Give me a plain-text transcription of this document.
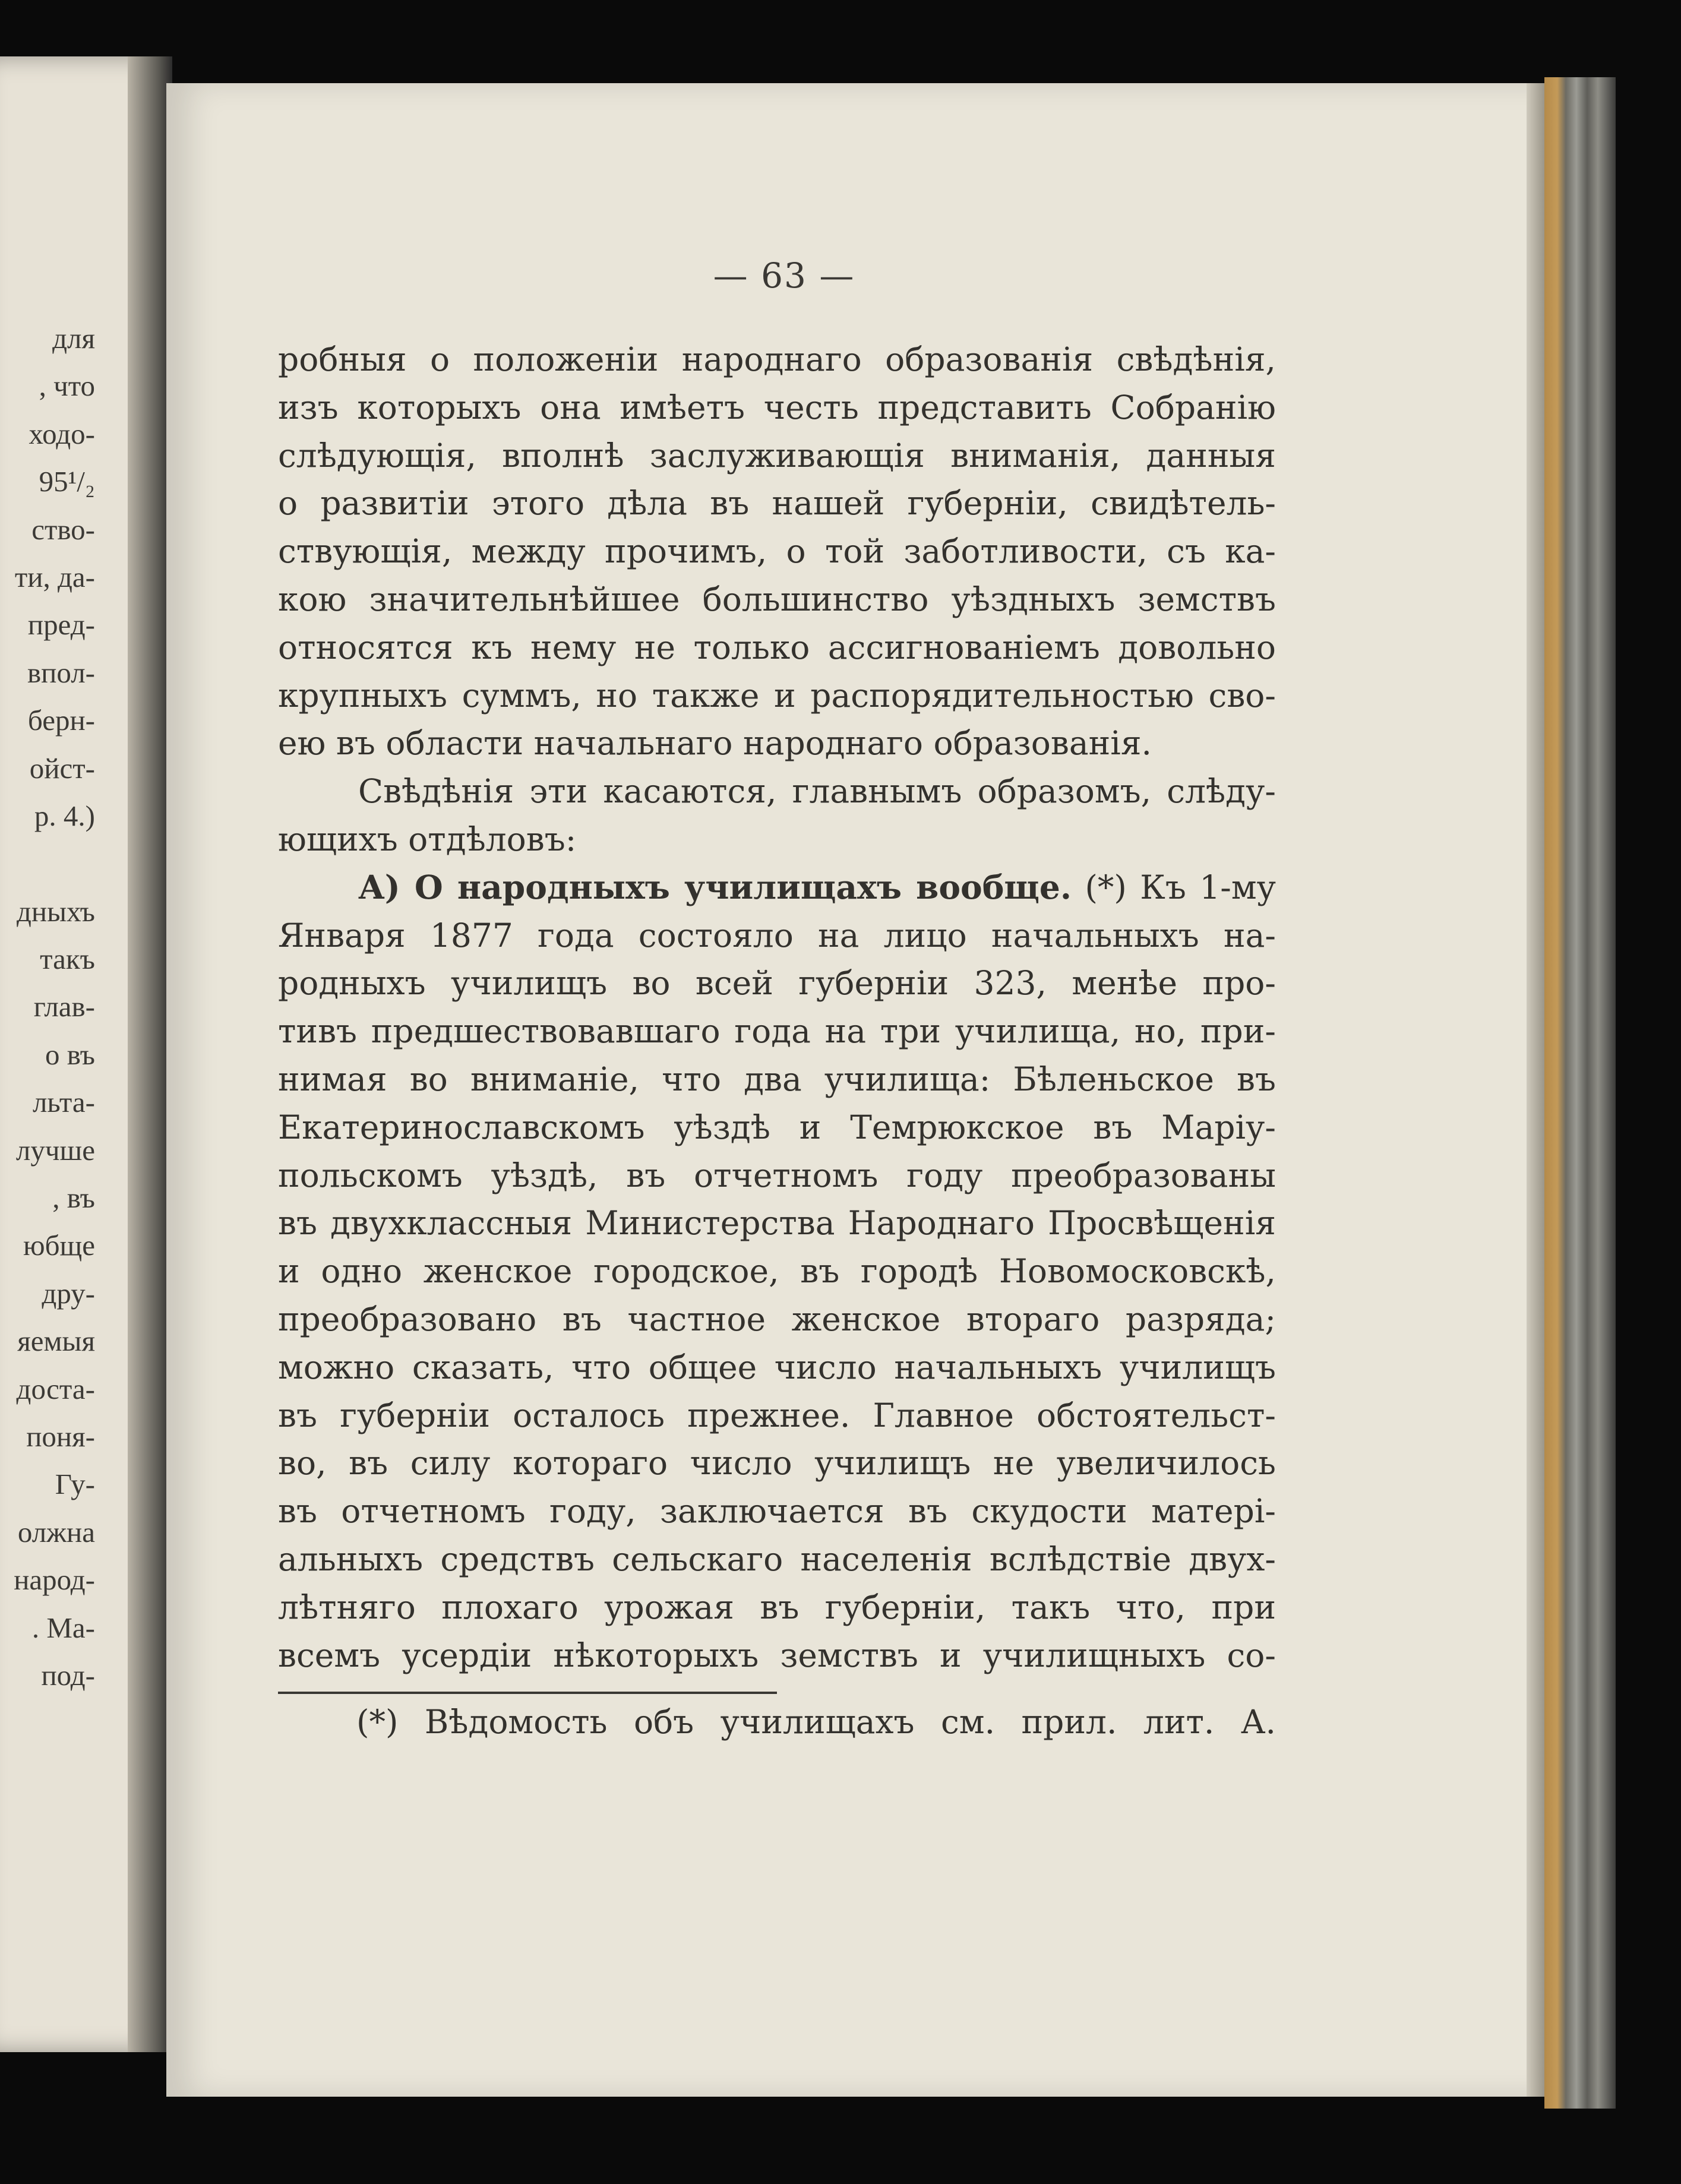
для
, что
ходо-
95¹/₂
ство-
ти, да-
пред-
впол-
берн-
ойст-
р. 4.)
дныхъ
такъ
глав-
о въ
льта-
лучше
, въ
юбще
дру-
яемыя
доста-
поня-
Гу-
олжна
народ-
. Ма-
под-
— 63 —
робныя о положеніи народнаго образованія свѣдѣнія,
изъ которыхъ она имѣетъ честь представить Собранію
слѣдующія, вполнѣ заслуживающія вниманія, данныя
о развитіи этого дѣла въ нашей губерніи, свидѣтель-
ствующія, между прочимъ, о той заботливости, съ ка-
кою значительнѣйшее большинство уѣздныхъ земствъ
относятся къ нему не только ассигнованіемъ довольно
крупныхъ суммъ, но также и распорядительностью сво-
ею въ области начальнаго народнаго образованія.
Свѣдѣнія эти касаются, главнымъ образомъ, слѣду-
ющихъ отдѣловъ:
А) О народныхъ училищахъ вообще. (*) Къ 1-му
Января 1877 года состояло на лицо начальныхъ на-
родныхъ училищъ во всей губерніи 323, менѣе про-
тивъ предшествовавшаго года на три училища, но, при-
нимая во вниманіе, что два училища: Бѣленьское въ
Екатеринославскомъ уѣздѣ и Темрюкское въ Маріу-
польскомъ уѣздѣ, въ отчетномъ году преобразованы
въ двухклассныя Министерства Народнаго Просвѣщенія
и одно женское городское, въ городѣ Новомосковскѣ,
преобразовано въ частное женское втораго разряда;
можно сказать, что общее число начальныхъ училищъ
въ губерніи осталось прежнее. Главное обстоятельст-
во, въ силу котораго число училищъ не увеличилось
въ отчетномъ году, заключается въ скудости матері-
альныхъ средствъ сельскаго населенія вслѣдствіе двух-
лѣтняго плохаго урожая въ губерніи, такъ что, при
всемъ усердіи нѣкоторыхъ земствъ и училищныхъ со-
(*) Вѣдомость объ училищахъ см. прил. лит. А.
